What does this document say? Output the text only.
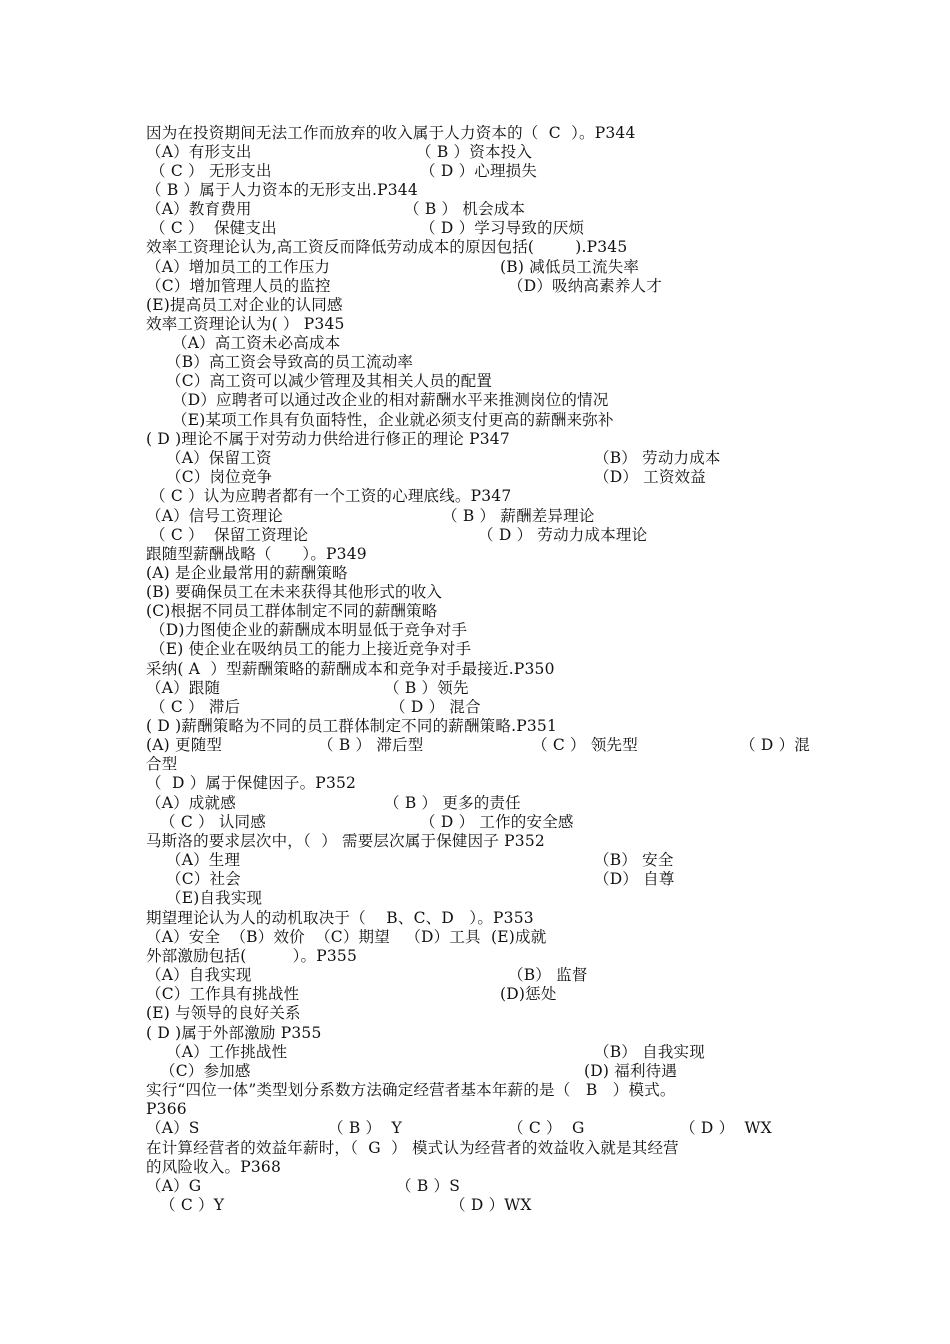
因为在投资期间无法工作而放弃的收入属于人力资本的（  C  ）。P344
（A）有形支出	（ B ）资本投入
（ C ） 无形支出	（ D ）心理损失
（ B ）属于人力资本的无形支出.P344
（A）教育费用	（ B ） 机会成本
（ C ）  保健支出	（ D ）学习导致的厌烦
效率工资理论认为,高工资反而降低劳动成本的原因包括(        ).P345
（A）增加员工的工作压力	(B) 减低员工流失率
（C）增加管理人员的监控	（D）吸纳高素养人才
(E)提高员工对企业的认同感
效率工资理论认为( ） P345
（A）高工资未必高成本
（B）高工资会导致高的员工流动率
（C）高工资可以减少管理及其相关人员的配置
（D）应聘者可以通过改企业的相对薪酬水平来推测岗位的情况
（E)某项工作具有负面特性，企业就必须支付更高的薪酬来弥补
( D )理论不属于对劳动力供给进行修正的理论 P347
（A）保留工资	（B） 劳动力成本
（C）岗位竞争	（D） 工资效益
（ C ）认为应聘者都有一个工资的心理底线。P347
（A）信号工资理论	（ B ） 薪酬差异理论
（ C ）  保留工资理论	（ D ） 劳动力成本理论
跟随型薪酬战略（      ）。P349
(A) 是企业最常用的薪酬策略
(B) 要确保员工在未来获得其他形式的收入
(C)根据不同员工群体制定不同的薪酬策略
（D)力图使企业的薪酬成本明显低于竞争对手
（E) 使企业在吸纳员工的能力上接近竞争对手
采纳( A  ）型薪酬策略的薪酬成本和竞争对手最接近.P350
（A）跟随	（ B ）领先
（ C ） 滞后	（ D ） 混合
( D )薪酬策略为不同的员工群体制定不同的薪酬策略.P351
(A) 更随型	（ B ） 滞后型	（ C ） 领先型	（ D ）混
合型
（  D ）属于保健因子。P352
（A）成就感	（ B ） 更多的责任
（ C ） 认同感	（ D ） 工作的安全感
马斯洛的要求层次中，（  ） 需要层次属于保健因子 P352
（A）生理	（B） 安全
（C）社会	（D） 自尊
（E)自我实现
期望理论认为人的动机取决于（    B、C、D   ）。P353
（A）安全  （B）效价  （C）期望   （D）工具  (E)成就
外部激励包括(         ）。P355
（A）自我实现	（B） 监督
（C）工作具有挑战性	(D)惩处
(E) 与领导的良好关系
( D )属于外部激励 P355
（A）工作挑战性	（B） 自我实现
（C）参加感	(D) 福利待遇
实行“四位一体”类型划分系数方法确定经营者基本年薪的是（   B   ）模式。
P366
（A）S	（ B ）  Y	（ C ）  G	（ D ）  WX
在计算经营者的效益年薪时，（  G  ） 模式认为经营者的效益收入就是其经营
的风险收入。P368
（A）G	（ B ）S
（ C ）Y	（ D ）WX
